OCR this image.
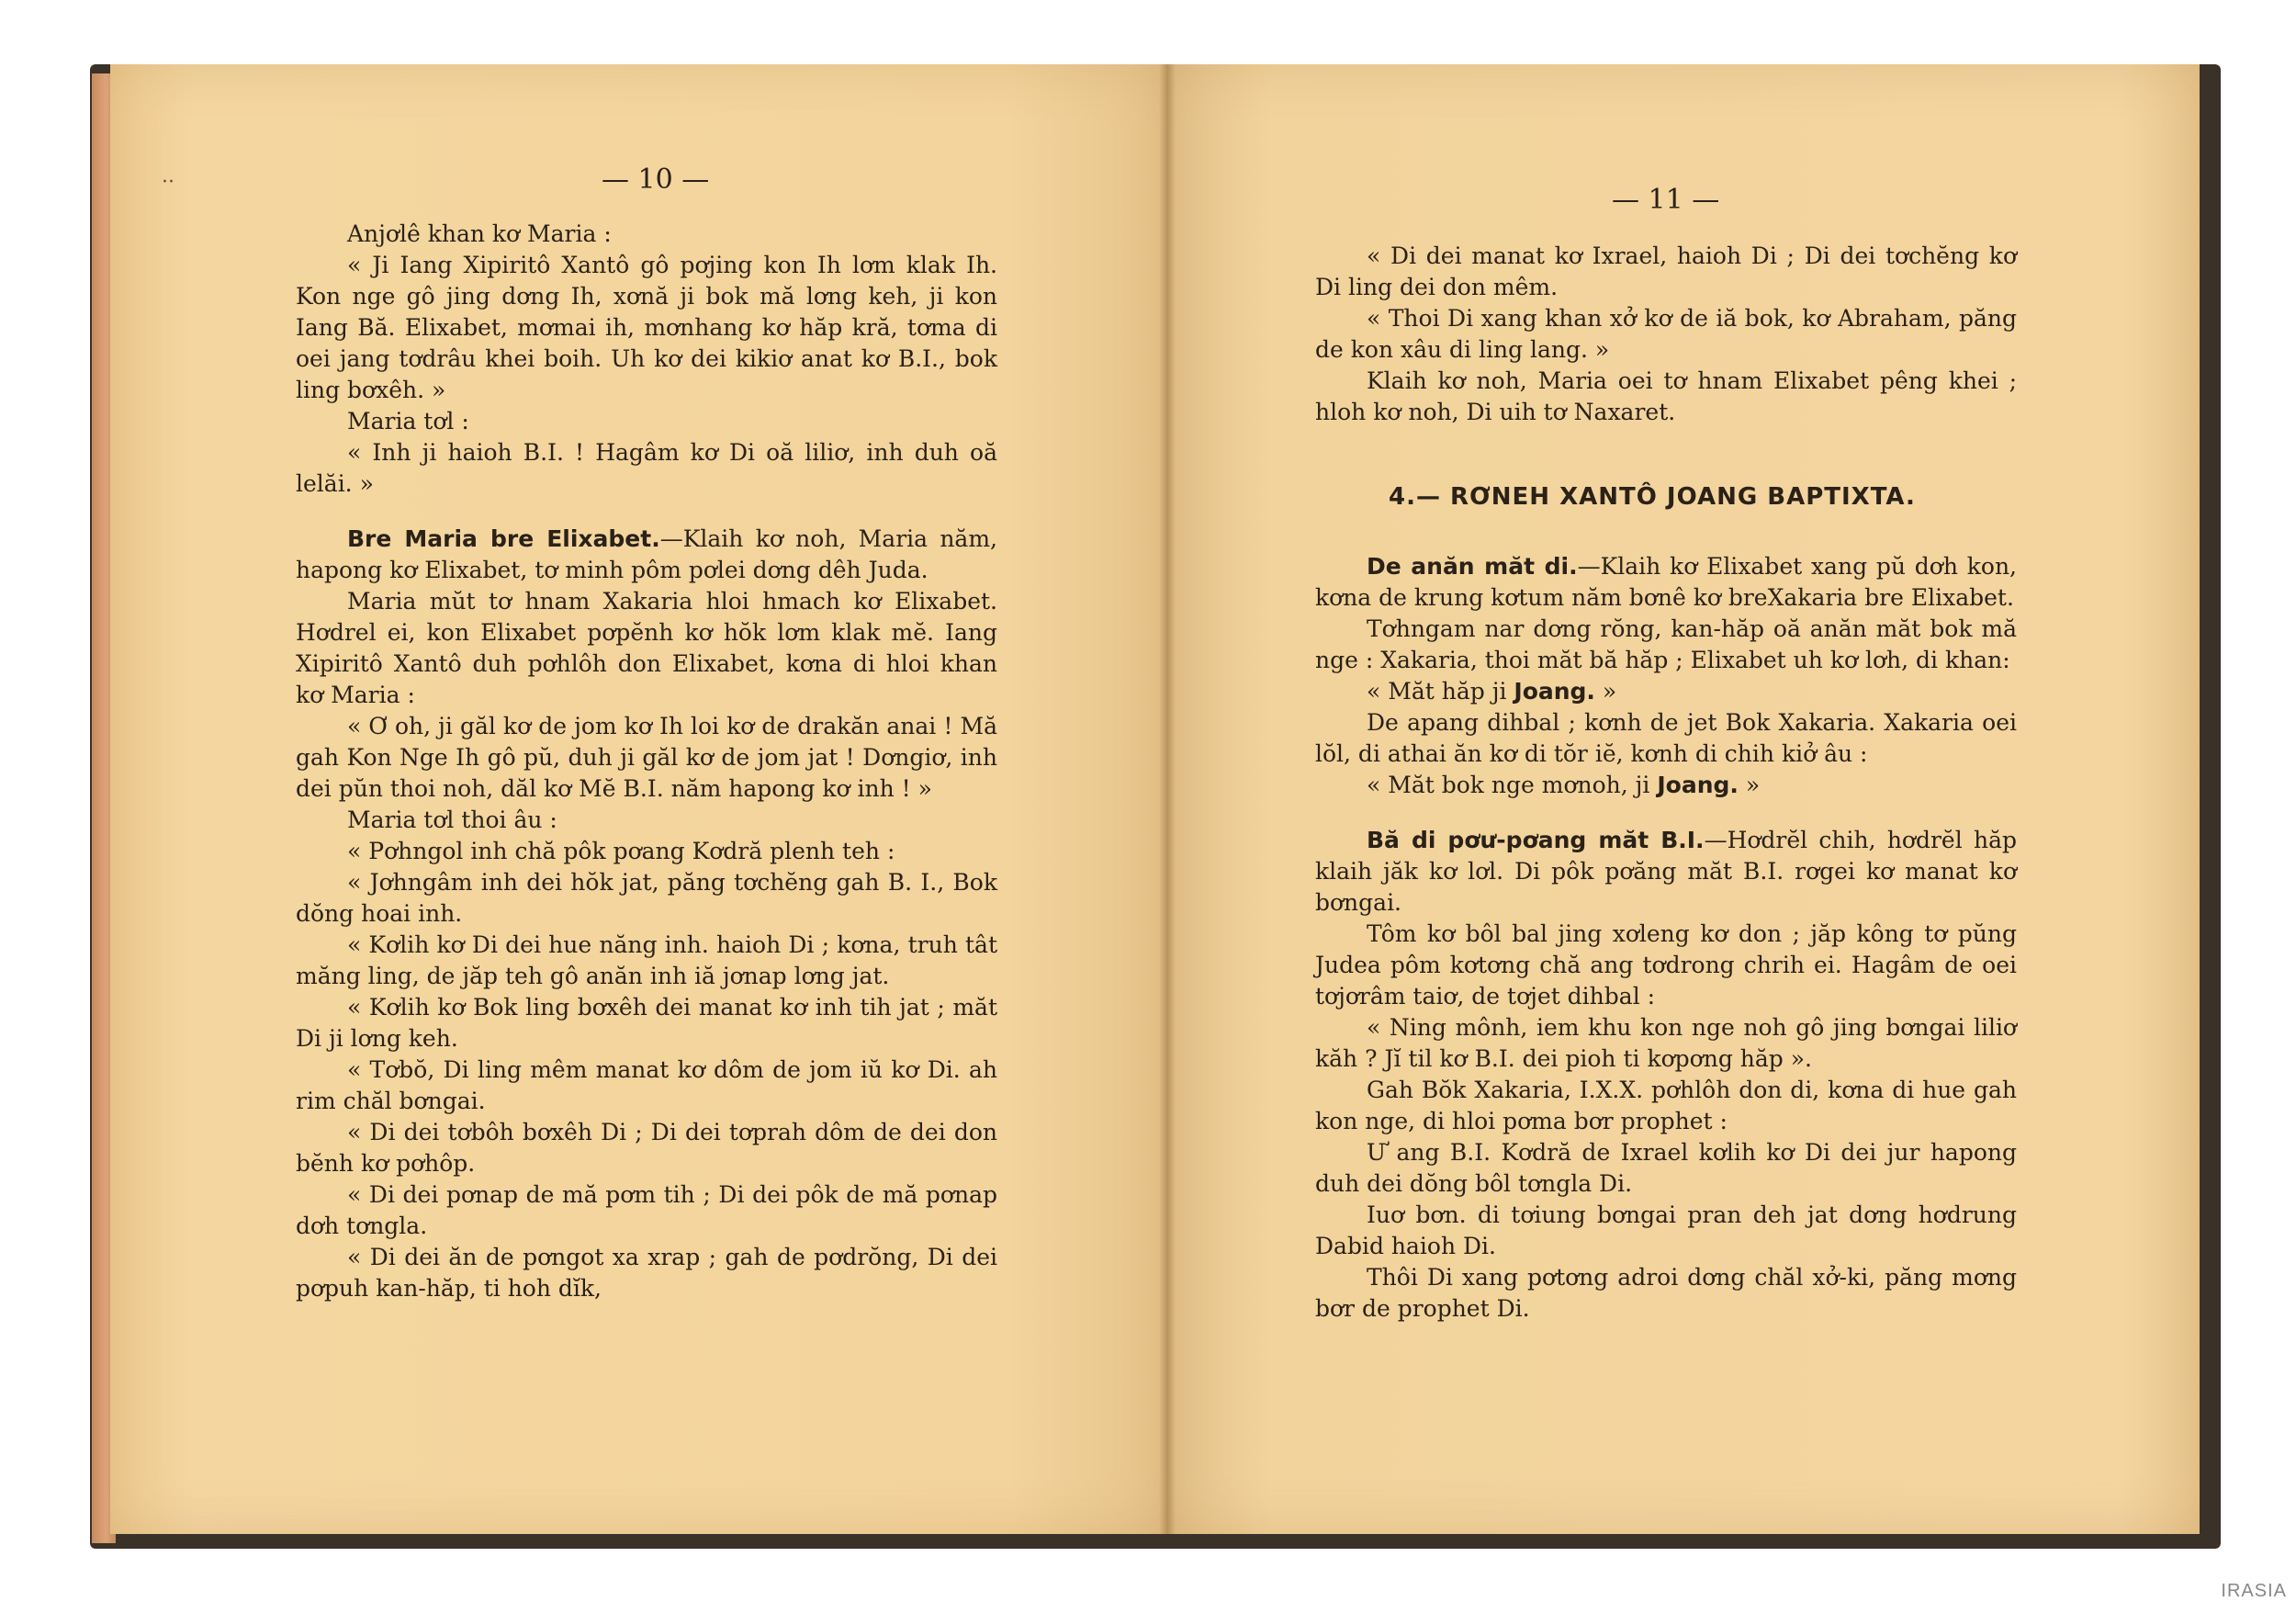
··	— 10 —

Anjơlê khan kơ Maria :

« Ji Iang Xipiritô Xantô gô pơjing kon Ih lơm klak Ih. Kon nge gô jing dơng Ih, xơnă ji bok mă lơng keh, ji kon Iang Bă. Elixabet, mơmai ih, mơnhang kơ hăp kră, tơma di oei jang tơdrâu khei boih. Uh kơ dei kikiơ anat kơ B.I., bok ling bơxêh. »

Maria tơl :

« Inh ji haioh B.I. ! Hagâm kơ Di oă liliơ, inh duh oă lelăi. »

Bre Maria bre Elixabet.—Klaih kơ noh, Maria năm, hapong kơ Elixabet, tơ minh pôm pơlei dơng dêh Juda.

Maria mŭt tơ hnam Xakaria hloi hmach kơ Elixabet. Hơdrel ei, kon Elixabet pơpĕnh kơ hŏk lơm klak mĕ. Iang Xipiritô Xantô duh pơhlôh don Elixabet, kơna di hloi khan kơ Maria :

« Ơ oh, ji găl kơ de jom kơ Ih loi kơ de drakăn anai ! Mă gah Kon Nge Ih gô pŭ, duh ji găl kơ de jom jat ! Dơngiơ, inh dei pŭn thoi noh, dăl kơ Mĕ B.I. năm hapong kơ inh ! »

Maria tơl thoi âu :

« Pơhngol inh chă pôk pơang Kơdră plenh teh :

« Jơhngâm inh dei hŏk jat, păng tơchĕng gah B. I., Bok dŏng hoai inh.

« Kơlih kơ Di dei hue năng inh. haioh Di ; kơna, truh tât măng ling, de jăp teh gô anăn inh iă jơnap lơng jat.

« Kơlih kơ Bok ling bơxêh dei manat kơ inh tih jat ; măt Di ji lơng keh.

« Tơbŏ, Di ling mêm manat kơ dôm de jom iŭ kơ Di. ah rim chăl bơngai.

« Di dei tơbôh bơxêh Di ; Di dei tơprah dôm de dei don bĕnh kơ pơhôp.

« Di dei pơnap de mă pơm tih ; Di dei pôk de mă pơnap dơh tơngla.

« Di dei ăn de pơngot xa xrap ; gah de pơdrŏng, Di dei pơpuh kan-hăp, ti hoh dĭk,

— 11 —

« Di dei manat kơ Ixrael, haioh Di ; Di dei tơchĕng kơ Di ling dei don mêm.

« Thoi Di xang khan xở kơ de iă bok, kơ Abraham, păng de kon xâu di ling lang. »

Klaih kơ noh, Maria oei tơ hnam Elixabet pêng khei ; hloh kơ noh, Di uih tơ Naxaret.

4.— RƠNEH XANTÔ JOANG BAPTIXTA.

De anăn măt di.—Klaih kơ Elixabet xang pŭ dơh kon, kơna de krung kơtum năm bơnê kơ breXakaria bre Elixabet.

Tơhngam nar dơng rŏng, kan-hăp oă anăn măt bok mă nge : Xakaria, thoi măt bă hăp ; Elixabet uh kơ lơh, di khan:

« Măt hăp ji Joang. »

De apang dihbal ; kơnh de jet Bok Xakaria. Xakaria oei lŏl, di athai ăn kơ di tŏr iĕ, kơnh di chih kiở âu :

« Măt bok nge mơnoh, ji Joang. »

Bă di pơư-pơang măt B.I.—Hơdrĕl chih, hơdrĕl hăp klaih jăk kơ lơl. Di pôk pơăng măt B.I. rơgei kơ manat kơ bơngai.

Tôm kơ bôl bal jing xơleng kơ don ; jăp kông tơ pŭng Judea pôm kơtơng chă ang tơdrong chrih ei. Hagâm de oei tơjơrâm taiơ, de tơjet dihbal :

« Ning mônh, iem khu kon nge noh gô jing bơngai liliơ kăh ? Jĭ til kơ B.I. dei pioh ti kơpơng hăp ».

Gah Bŏk Xakaria, I.X.X. pơhlôh don di, kơna di hue gah kon nge, di hloi pơma bơr prophet :

Ư ang B.I. Kơdră de Ixrael kơlih kơ Di dei jur hapong duh dei dŏng bôl tơngla Di.

Iuơ bơn. di tơiung bơngai pran deh jat dơng hơdrung Dabid haioh Di.

Thôi Di xang pơtơng adroi dơng chăl xở-ki, păng mơng bơr de prophet Di.

IRASIA
